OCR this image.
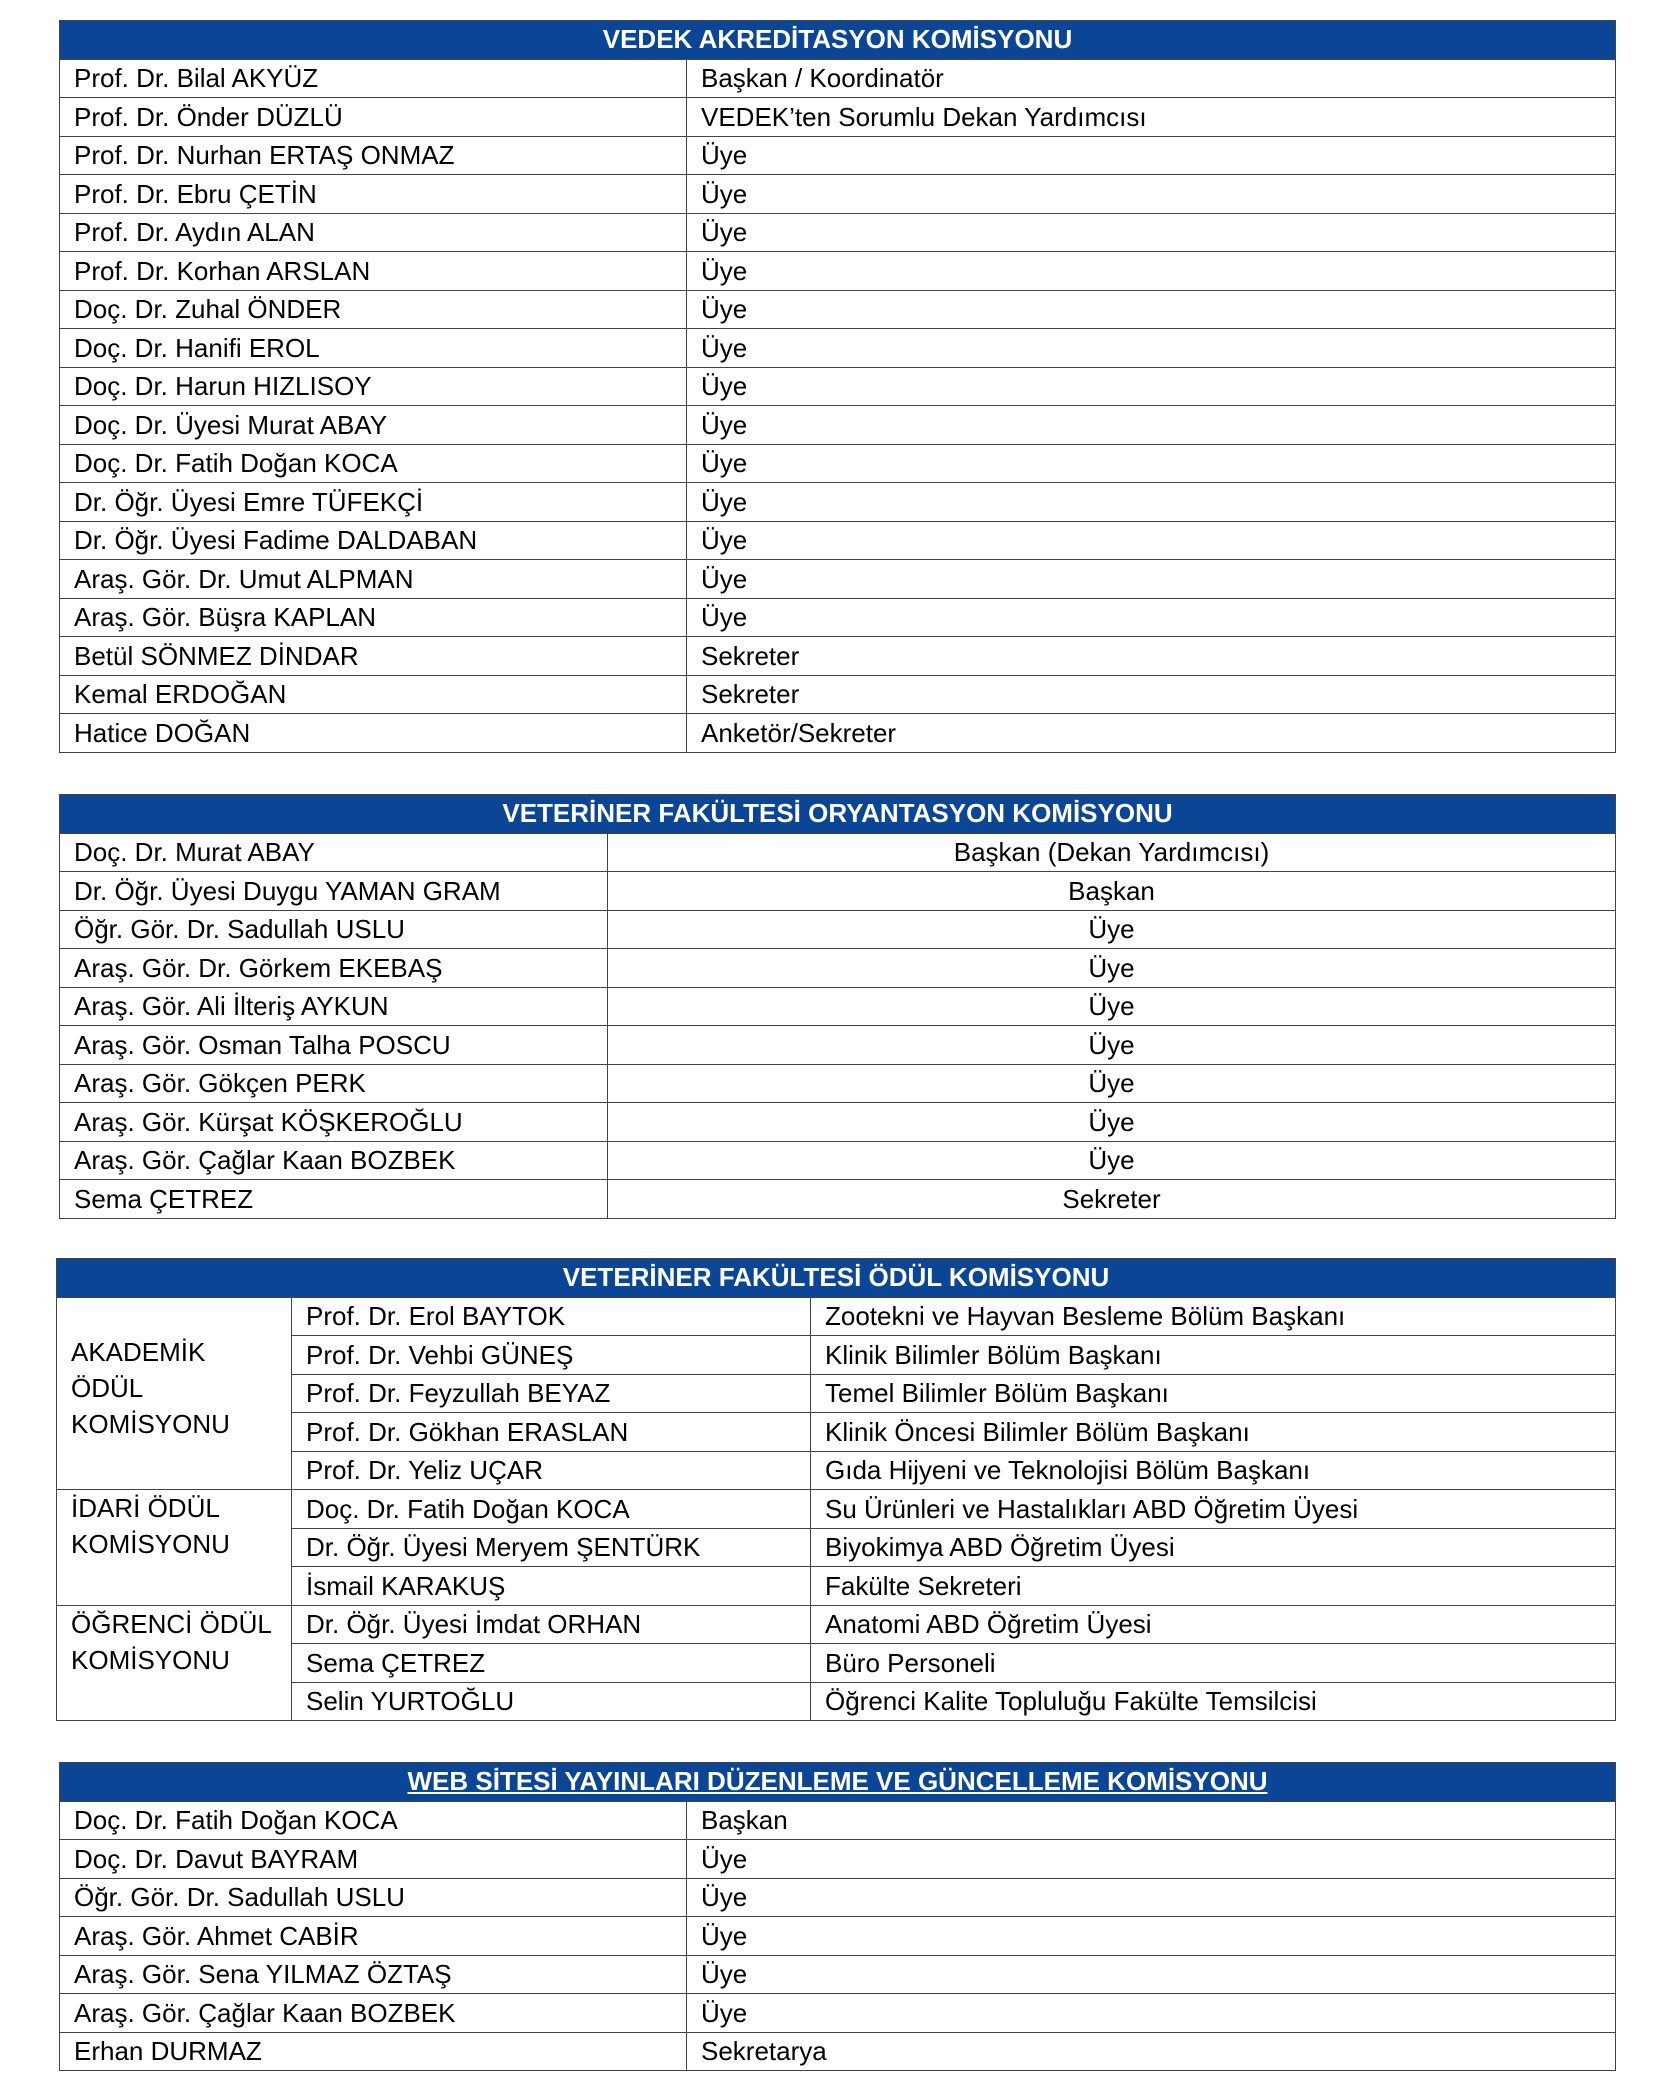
VEDEK AKREDİTASYON KOMİSYONU	
Prof. Dr. Bilal AKYÜZ	Başkan / Koordinatör
Prof. Dr. Önder DÜZLÜ	VEDEK’ten Sorumlu Dekan Yardımcısı
Prof. Dr. Nurhan ERTAŞ ONMAZ	Üye
Prof. Dr. Ebru ÇETİN	Üye
Prof. Dr. Aydın ALAN	Üye
Prof. Dr. Korhan ARSLAN	Üye
Doç. Dr. Zuhal ÖNDER	Üye
Doç. Dr. Hanifi EROL	Üye
Doç. Dr. Harun HIZLISOY	Üye
Doç. Dr. Üyesi Murat ABAY	Üye
Doç. Dr. Fatih Doğan KOCA	Üye
Dr. Öğr. Üyesi Emre TÜFEKÇİ	Üye
Dr. Öğr. Üyesi Fadime DALDABAN	Üye
Araş. Gör. Dr. Umut ALPMAN	Üye
Araş. Gör. Büşra KAPLAN	Üye
Betül SÖNMEZ DİNDAR	Sekreter
Kemal ERDOĞAN	Sekreter
Hatice DOĞAN	Anketör/Sekreter
VETERİNER FAKÜLTESİ ORYANTASYON KOMİSYONU	
Doç. Dr. Murat ABAY	Başkan (Dekan Yardımcısı)
Dr. Öğr. Üyesi Duygu YAMAN GRAM	Başkan
Öğr. Gör. Dr. Sadullah USLU	Üye
Araş. Gör. Dr. Görkem EKEBAŞ	Üye
Araş. Gör. Ali İlteriş AYKUN	Üye
Araş. Gör. Osman Talha POSCU	Üye
Araş. Gör. Gökçen PERK	Üye
Araş. Gör. Kürşat KÖŞKEROĞLU	Üye
Araş. Gör. Çağlar Kaan BOZBEK	Üye
Sema ÇETREZ	Sekreter
VETERİNER FAKÜLTESİ ÖDÜL KOMİSYONU		

AKADEMİK
ÖDÜL
KOMİSYONU	Prof. Dr. Erol BAYTOK	Zootekni ve Hayvan Besleme Bölüm Başkanı
	Prof. Dr. Vehbi GÜNEŞ	Klinik Bilimler Bölüm Başkanı
	Prof. Dr. Feyzullah BEYAZ	Temel Bilimler Bölüm Başkanı
	Prof. Dr. Gökhan ERASLAN	Klinik Öncesi Bilimler Bölüm Başkanı
	Prof. Dr. Yeliz UÇAR	Gıda Hijyeni ve Teknolojisi Bölüm Başkanı

İDARİ ÖDÜL
KOMİSYONU	Doç. Dr. Fatih Doğan KOCA	Su Ürünleri ve Hastalıkları ABD Öğretim Üyesi
	Dr. Öğr. Üyesi Meryem ŞENTÜRK	Biyokimya ABD Öğretim Üyesi
	İsmail KARAKUŞ	Fakülte Sekreteri

ÖĞRENCİ ÖDÜL
KOMİSYONU	Dr. Öğr. Üyesi İmdat ORHAN	Anatomi ABD Öğretim Üyesi
	Sema ÇETREZ	Büro Personeli
	Selin YURTOĞLU	Öğrenci Kalite Topluluğu Fakülte Temsilcisi
WEB SİTESİ YAYINLARI DÜZENLEME VE GÜNCELLEME KOMİSYONU	
Doç. Dr. Fatih Doğan KOCA	Başkan
Doç. Dr. Davut BAYRAM	Üye
Öğr. Gör. Dr. Sadullah USLU	Üye
Araş. Gör. Ahmet CABİR	Üye
Araş. Gör. Sena YILMAZ ÖZTAŞ	Üye
Araş. Gör. Çağlar Kaan BOZBEK	Üye
Erhan DURMAZ	Sekretarya
